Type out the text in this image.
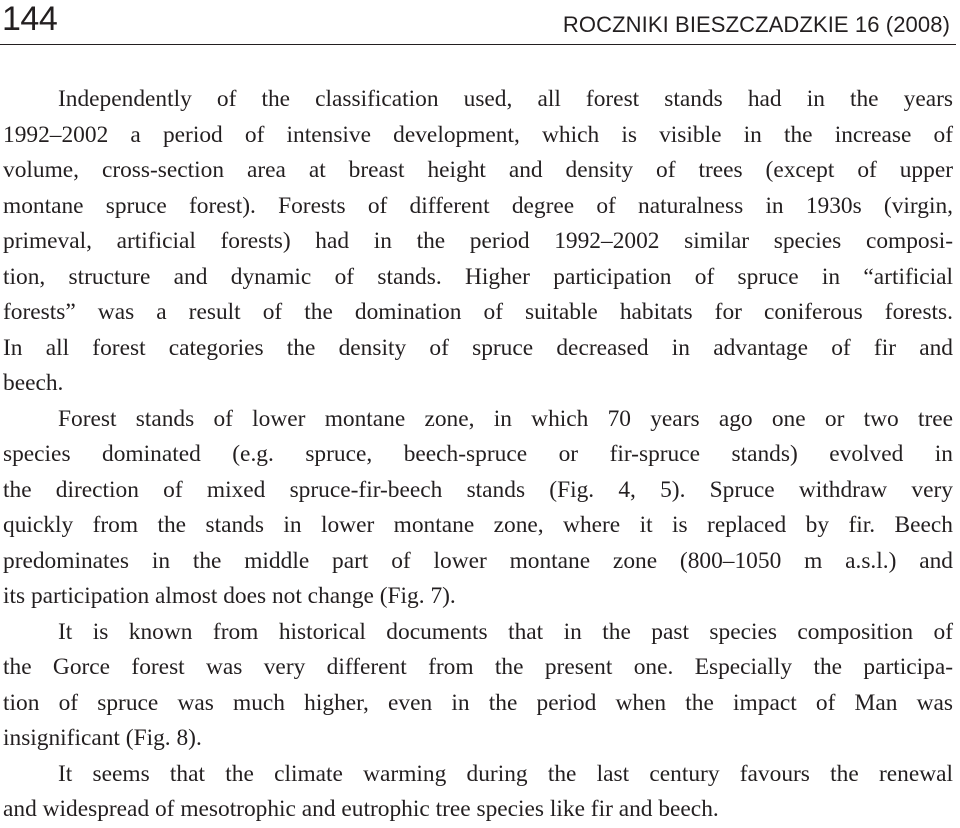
144	ROCZNIKI BIESZCZADZKIE 16 (2008)
Independently of the classification used, all forest stands had in the years
1992–2002 a period of intensive development, which is visible in the increase of
volume, cross-section area at breast height and density of trees (except of upper
montane spruce forest). Forests of different degree of naturalness in 1930s (virgin,
primeval, artificial forests) had in the period 1992–2002 similar species composi-
tion, structure and dynamic of stands. Higher participation of spruce in “artificial
forests” was a result of the domination of suitable habitats for coniferous forests.
In all forest categories the density of spruce decreased in advantage of fir and
beech.
Forest stands of lower montane zone, in which 70 years ago one or two tree
species dominated (e.g. spruce, beech-spruce or fir-spruce stands) evolved in
the direction of mixed spruce-fir-beech stands (Fig. 4, 5). Spruce withdraw very
quickly from the stands in lower montane zone, where it is replaced by fir. Beech
predominates in the middle part of lower montane zone (800–1050 m a.s.l.) and
its participation almost does not change (Fig. 7).
It is known from historical documents that in the past species composition of
the Gorce forest was very different from the present one. Especially the participa-
tion of spruce was much higher, even in the period when the impact of Man was
insignificant (Fig. 8).
It seems that the climate warming during the last century favours the renewal
and widespread of mesotrophic and eutrophic tree species like fir and beech.
